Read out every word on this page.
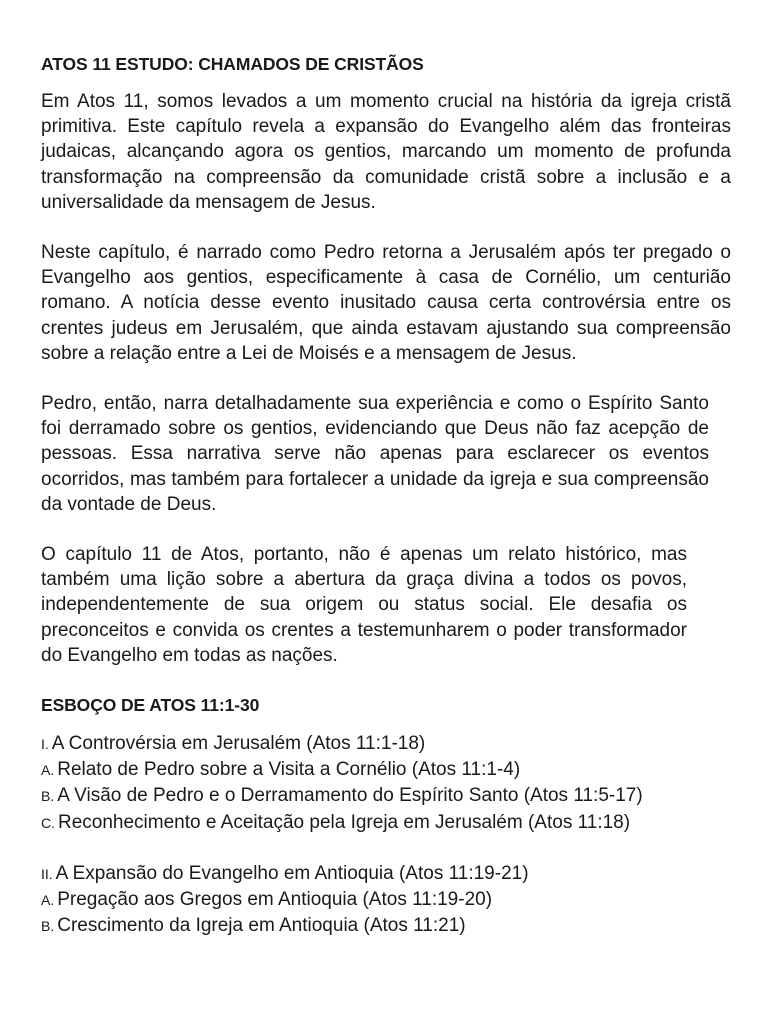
ATOS 11 ESTUDO: CHAMADOS DE CRISTÃOS

Em Atos 11, somos levados a um momento crucial na história da igreja cristã primitiva. Este capítulo revela a expansão do Evangelho além das fronteiras judaicas, alcançando agora os gentios, marcando um momento de profunda transformação na compreensão da comunidade cristã sobre a inclusão e a universalidade da mensagem de Jesus.

Neste capítulo, é narrado como Pedro retorna a Jerusalém após ter pregado o Evangelho aos gentios, especificamente à casa de Cornélio, um centurião romano. A notícia desse evento inusitado causa certa controvérsia entre os crentes judeus em Jerusalém, que ainda estavam ajustando sua compreensão sobre a relação entre a Lei de Moisés e a mensagem de Jesus.

Pedro, então, narra detalhadamente sua experiência e como o Espírito Santo foi derramado sobre os gentios, evidenciando que Deus não faz acepção de pessoas. Essa narrativa serve não apenas para esclarecer os eventos ocorridos, mas também para fortalecer a unidade da igreja e sua compreensão da vontade de Deus.

O capítulo 11 de Atos, portanto, não é apenas um relato histórico, mas também uma lição sobre a abertura da graça divina a todos os povos, independentemente de sua origem ou status social. Ele desafia os preconceitos e convida os crentes a testemunharem o poder transformador do Evangelho em todas as nações.

ESBOÇO DE ATOS 11:1-30
I. A Controvérsia em Jerusalém (Atos 11:1-18)
A. Relato de Pedro sobre a Visita a Cornélio (Atos 11:1-4)
B. A Visão de Pedro e o Derramamento do Espírito Santo (Atos 11:5-17)
C. Reconhecimento e Aceitação pela Igreja em Jerusalém (Atos 11:18)
II. A Expansão do Evangelho em Antioquia (Atos 11:19-21)
A. Pregação aos Gregos em Antioquia (Atos 11:19-20)
B. Crescimento da Igreja em Antioquia (Atos 11:21)
